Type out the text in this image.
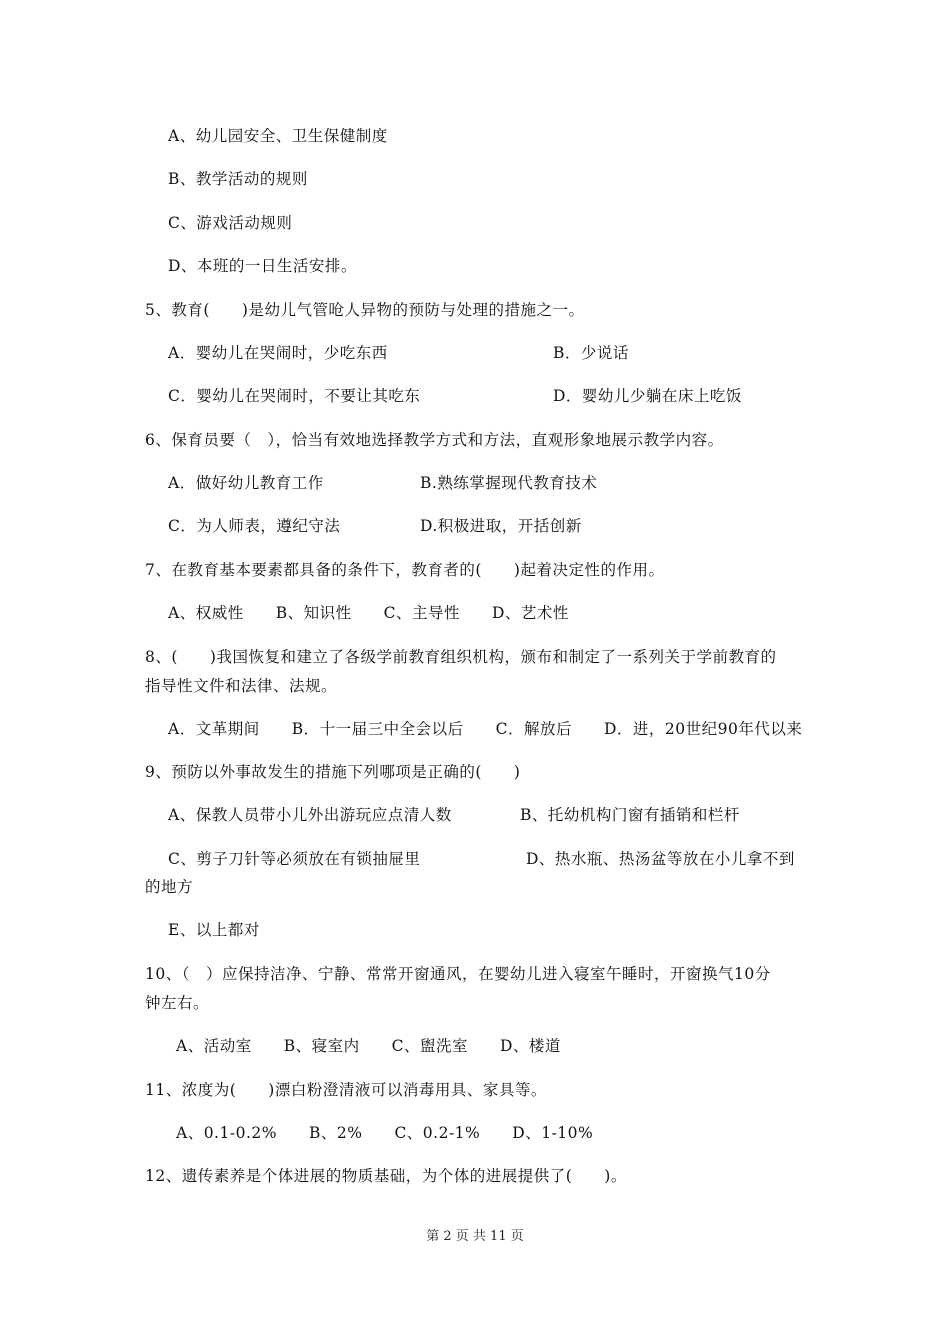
A、幼儿园安全、卫生保健制度
B、教学活动的规则
C、游戏活动规则
D、本班的一日生活安排。
5、教育(　　)是幼儿气管呛人异物的预防与处理的措施之一。
A．婴幼儿在哭闹时，少吃东西	B．少说话
C．婴幼儿在哭闹时，不要让其吃东	D．婴幼儿少躺在床上吃饭
6、保育员要（　），恰当有效地选择教学方式和方法，直观形象地展示教学内容。
A．做好幼儿教育工作	B.熟练掌握现代教育技术
C．为人师表，遵纪守法	D.积极进取，开括创新
7、在教育基本要素都具备的条件下，教育者的(　　)起着决定性的作用。
A、权威性　　B、知识性　　C、主导性　　D、艺术性
8、(　　)我国恢复和建立了各级学前教育组织机构，颁布和制定了一系列关于学前教育的
指导性文件和法律、法规。
A．文革期间　　B．十一届三中全会以后　　C．解放后　　D．进，20世纪90年代以来
9、预防以外事故发生的措施下列哪项是正确的(　　)
A、保教人员带小儿外出游玩应点清人数	B、托幼机构门窗有插销和栏杆
C、剪子刀针等必须放在有锁抽屉里	D、热水瓶、热汤盆等放在小儿拿不到
的地方
E、以上都对
10、（　）应保持洁净、宁静、常常开窗通风，在婴幼儿进入寝室午睡时，开窗换气10分
钟左右。
A、活动室　　B、寝室内　　C、盥洗室　　D、楼道
11、浓度为(　　)漂白粉澄清液可以消毒用具、家具等。
A、0.1-0.2%　　B、2%　　C、0.2-1%　　D、1-10%
12、遗传素养是个体进展的物质基础，为个体的进展提供了(　　)。
第 2 页 共 11 页
